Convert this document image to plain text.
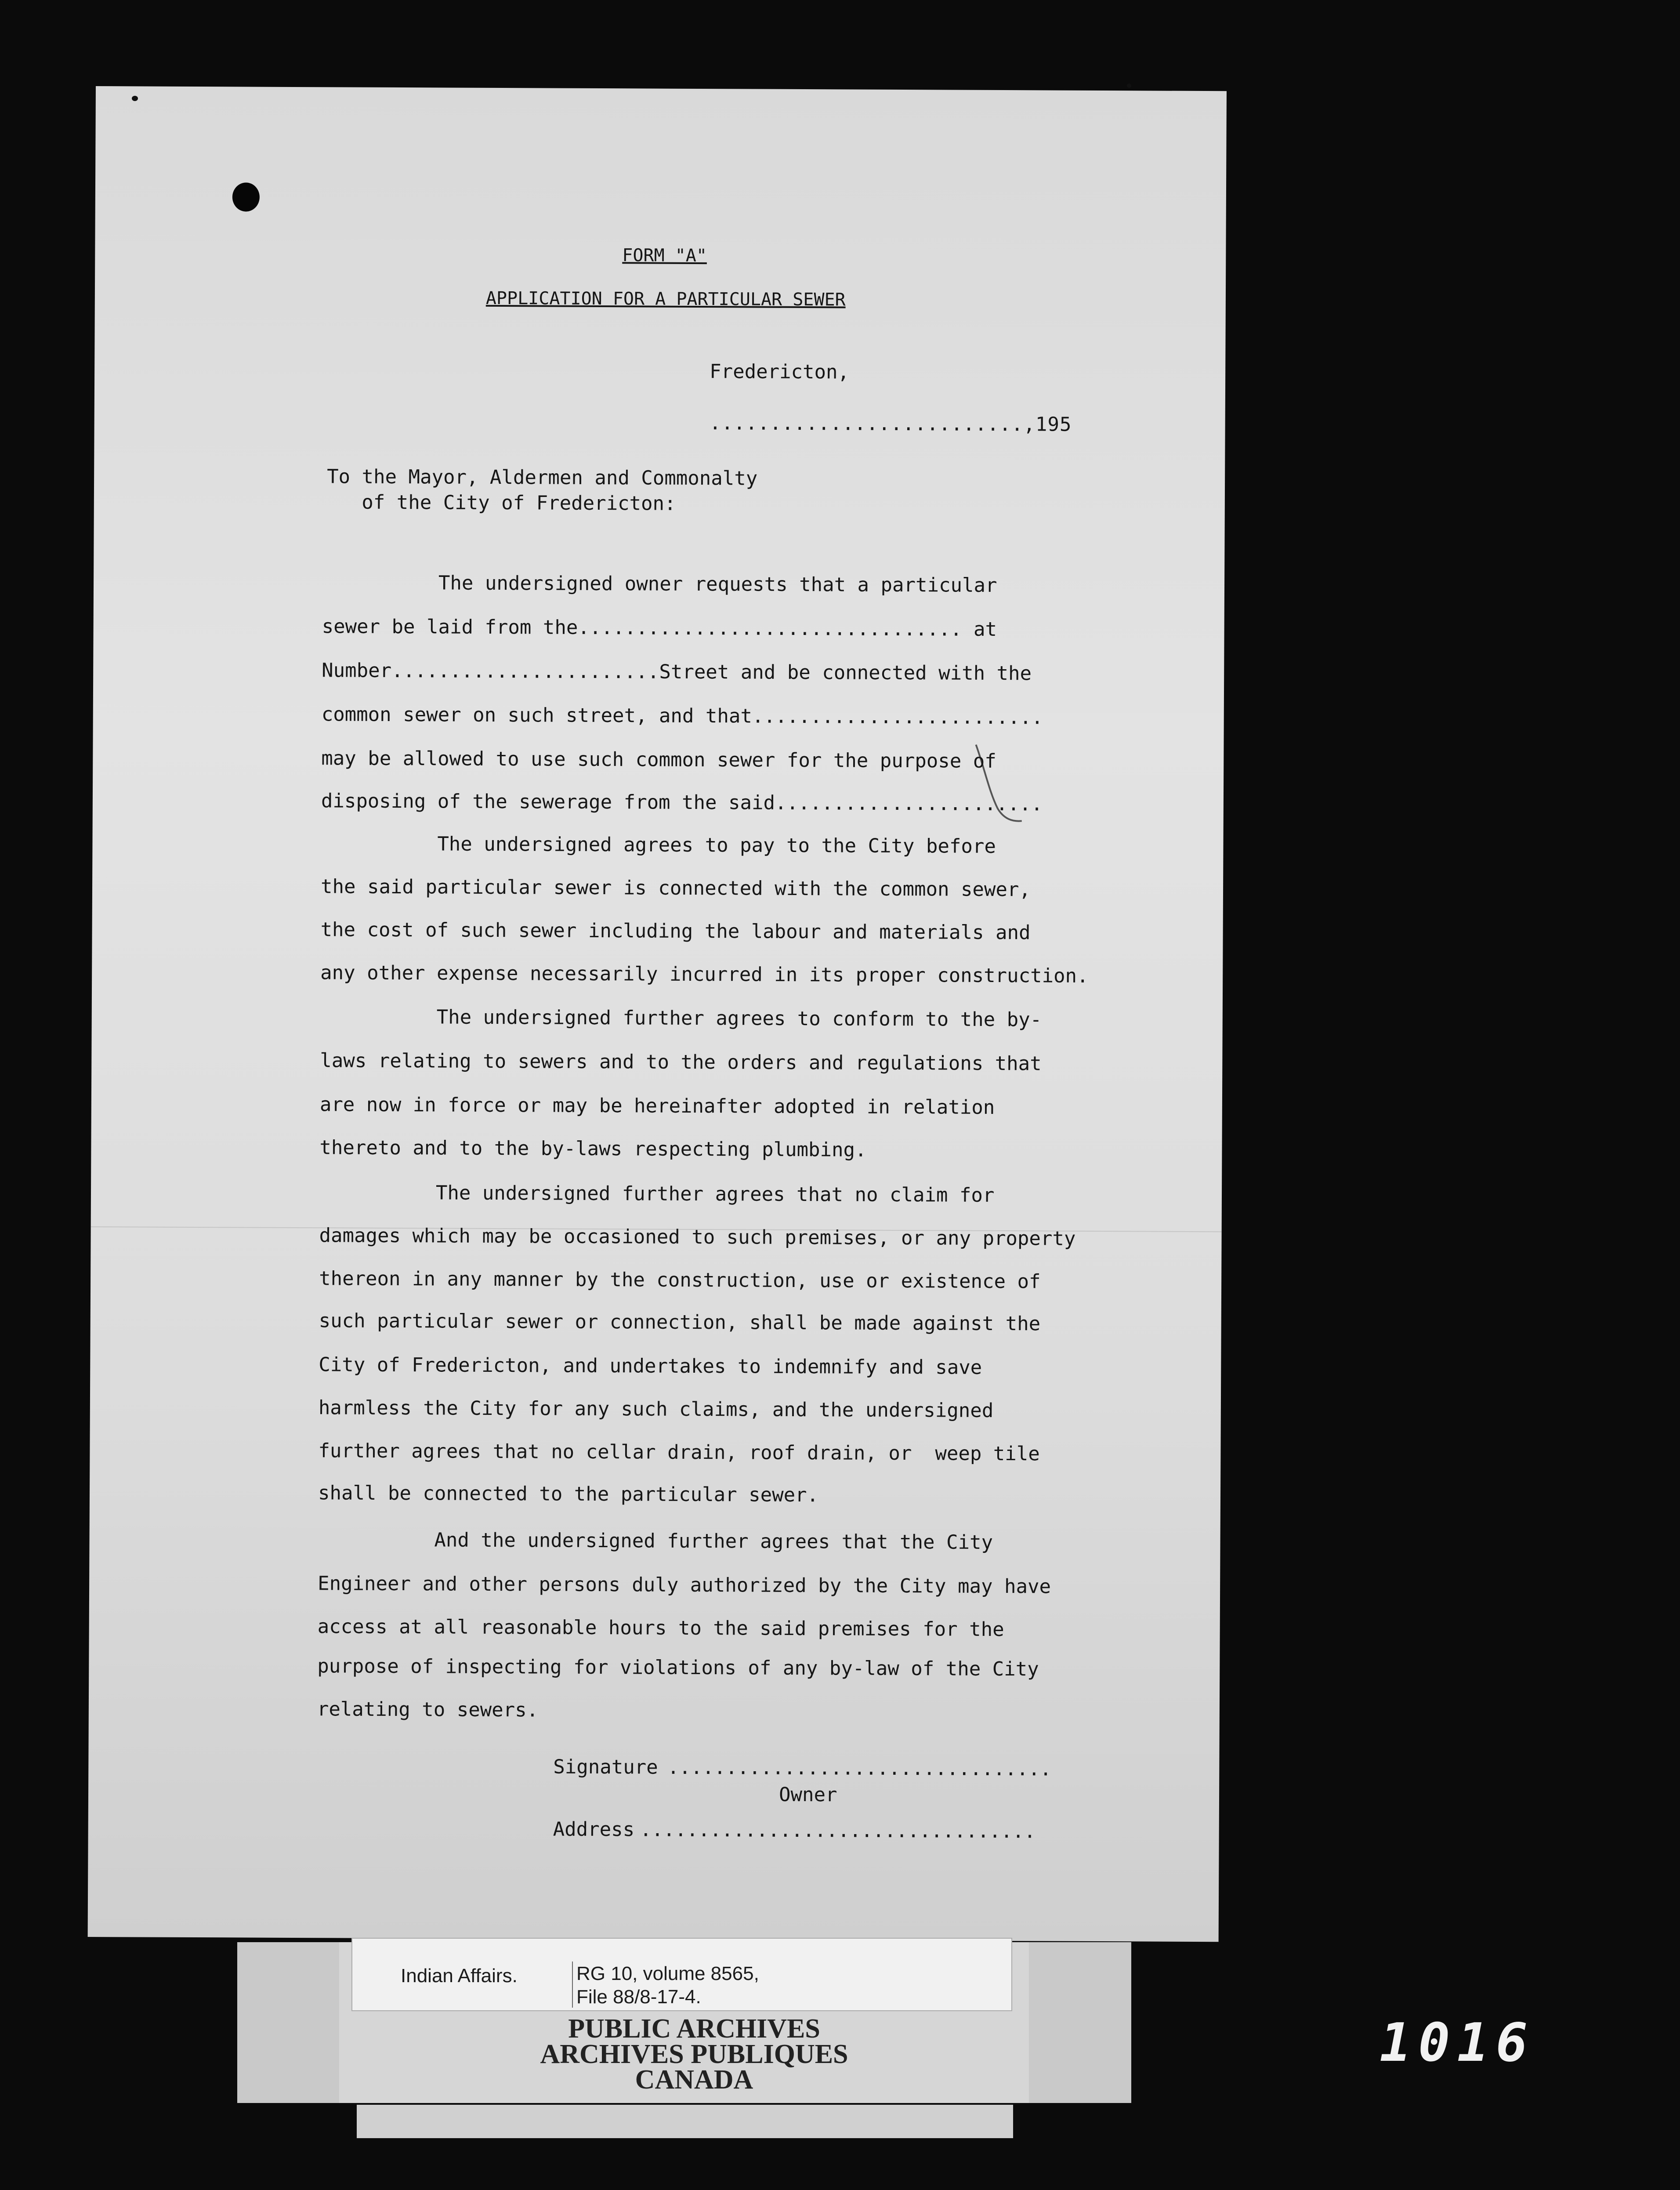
FORM "A"
APPLICATION FOR A PARTICULAR SEWER
Fredericton,
..........................,195
To the Mayor, Aldermen and Commonalty
of the City of Fredericton:
The undersigned owner requests that a particular
sewer be laid from the................................. at
Number.......................Street and be connected with the
common sewer on such street, and that.........................
may be allowed to use such common sewer for the purpose of
disposing of the sewerage from the said.......................
The undersigned agrees to pay to the City before
the said particular sewer is connected with the common sewer,
the cost of such sewer including the labour and materials and
any other expense necessarily incurred in its proper construction.
The undersigned further agrees to conform to the by-
laws relating to sewers and to the orders and regulations that
are now in force or may be hereinafter adopted in relation
thereto and to the by-laws respecting plumbing.
The undersigned further agrees that no claim for
damages which may be occasioned to such premises, or any property
thereon in any manner by the construction, use or existence of
such particular sewer or connection, shall be made against the
City of Fredericton, and undertakes to indemnify and save
harmless the City for any such claims, and the undersigned
further agrees that no cellar drain, roof drain, or  weep tile
shall be connected to the particular sewer.
And the undersigned further agrees that the City
Engineer and other persons duly authorized by the City may have
access at all reasonable hours to the said premises for the
purpose of inspecting for violations of any by-law of the City
relating to sewers.
Signature .................................
Owner
Address ..................................
Indian Affairs.	RG 10, volume 8565,
File 88/8-17-4.
PUBLIC ARCHIVES
ARCHIVES PUBLIQUES
CANADA
1016
